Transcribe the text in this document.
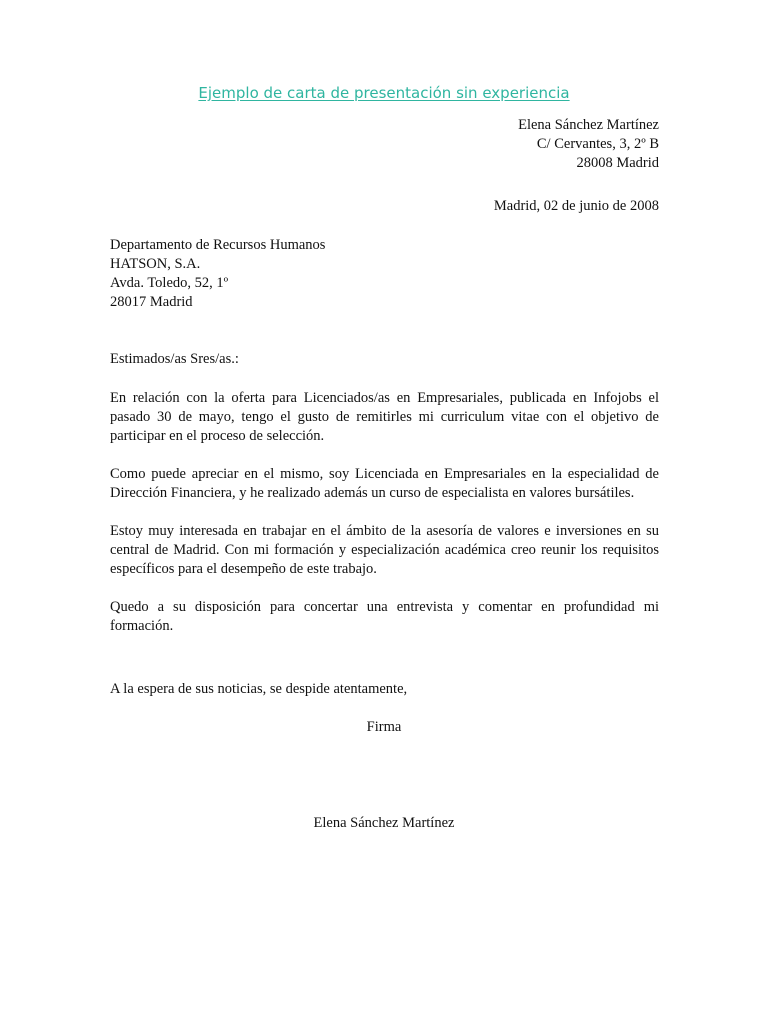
Ejemplo de carta de presentación sin experiencia
Elena Sánchez Martínez
C/ Cervantes, 3, 2º B
28008 Madrid
Madrid, 02 de junio de 2008
Departamento de Recursos Humanos
HATSON, S.A.
Avda. Toledo, 52, 1º
28017 Madrid
Estimados/as Sres/as.:

En relación con la oferta para Licenciados/as en Empresariales, publicada en Infojobs el pasado 30 de mayo, tengo el gusto de remitirles mi curriculum vitae con el objetivo de participar en el proceso de selección.

Como puede apreciar en el mismo, soy Licenciada en Empresariales en la especialidad de Dirección Financiera, y he realizado además un curso de especialista en valores bursátiles.

Estoy muy interesada en trabajar en el ámbito de la asesoría de valores e inversiones en su central de Madrid. Con mi formación y especialización académica creo reunir los requisitos específicos para el desempeño de este trabajo.

Quedo a su disposición para concertar una entrevista y comentar en profundidad mi formación.

A la espera de sus noticias, se despide atentamente,
Firma
Elena Sánchez Martínez
